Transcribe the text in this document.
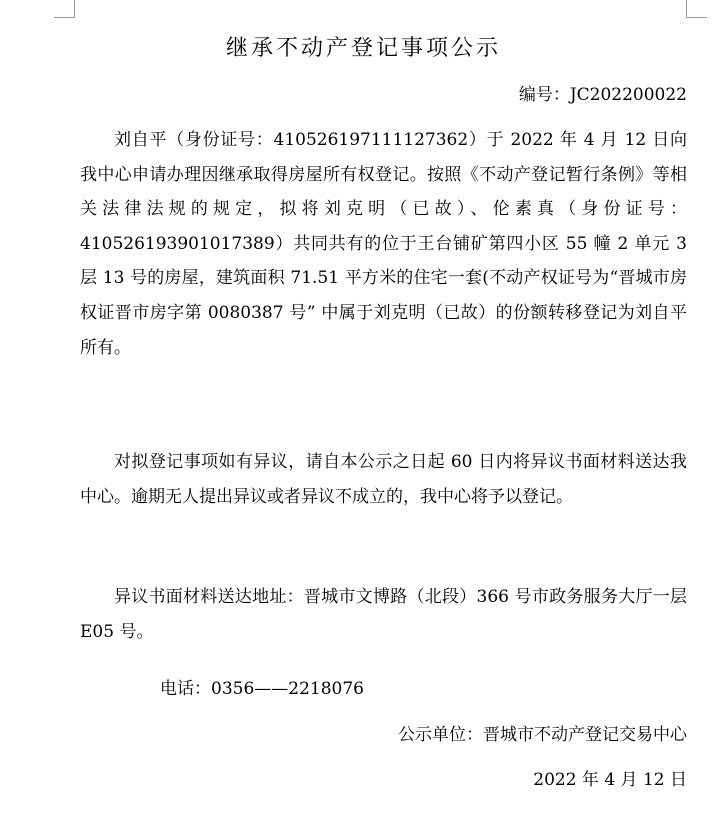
继承不动产登记事项公示
编号：JC202200022

刘自平（身份证号：410526197111127362）于 2022 年 4 月 12 日向我中心申请办理因继承取得房屋所有权登记。按照《不动产登记暂行条例》等相关法律法规的规定，拟将刘克明（已故）、伦素真（身份证号：410526193901017389）共同共有的位于王台铺矿第四小区 55 幢 2 单元 3 层 13 号的房屋，建筑面积 71.51 平方米的住宅一套(不动产权证号为“晋城市房权证晋市房字第 0080387 号” 中属于刘克明（已故）的份额转移登记为刘自平所有。

对拟登记事项如有异议，请自本公示之日起 60 日内将异议书面材料送达我中心。逾期无人提出异议或者异议不成立的，我中心将予以登记。

异议书面材料送达地址：晋城市文博路（北段）366 号市政务服务大厅一层 E05 号。

电话：0356——2218076
公示单位：晋城市不动产登记交易中心
2022 年 4 月 12 日
